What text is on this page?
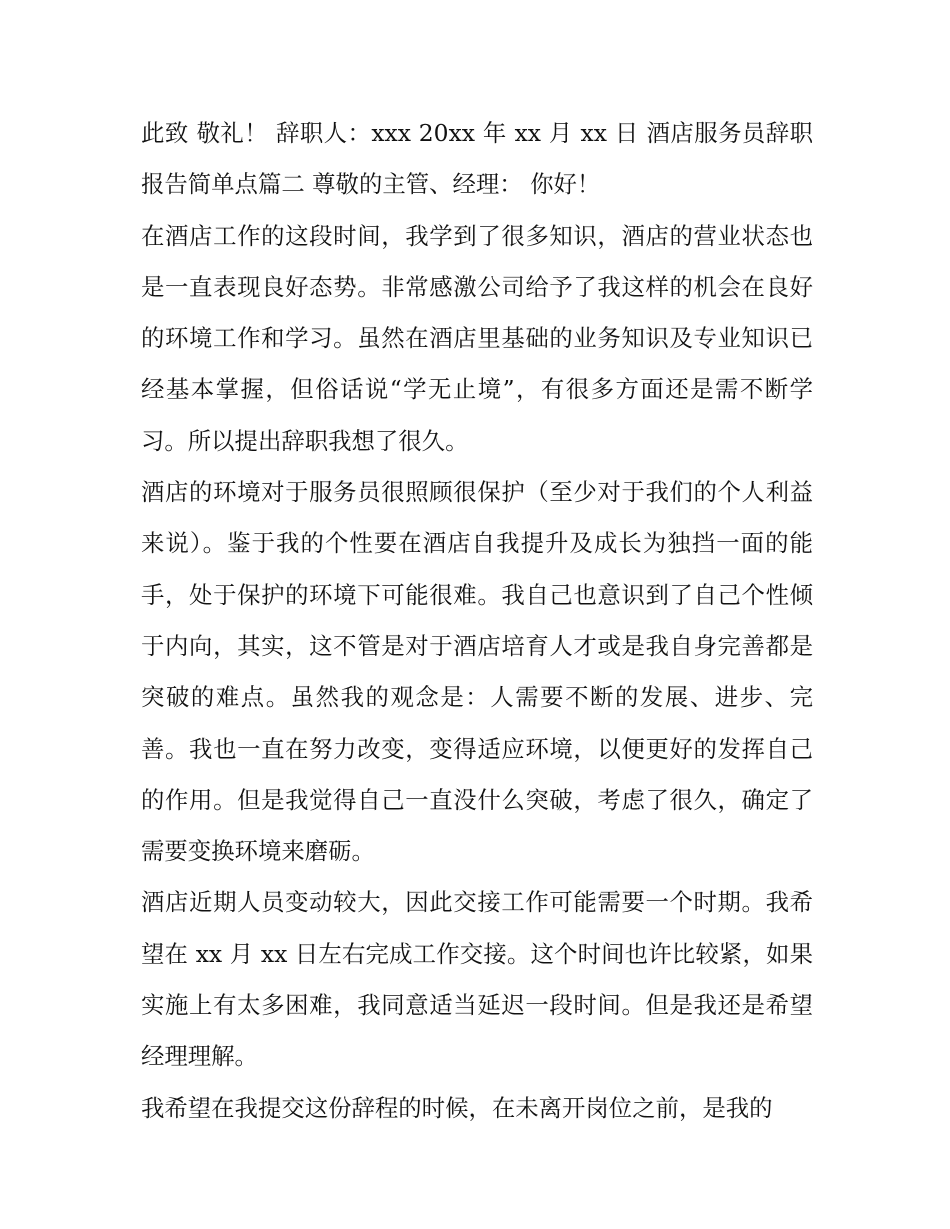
此致 敬礼！ 辞职人：xxx 20xx 年 xx 月 xx 日 酒店服务员辞职报告简单点篇二 尊敬的主管、经理： 你好！

在酒店工作的这段时间，我学到了很多知识，酒店的营业状态也是一直表现良好态势。非常感激公司给予了我这样的机会在良好的环境工作和学习。虽然在酒店里基础的业务知识及专业知识已经基本掌握，但俗话说“学无止境”，有很多方面还是需不断学习。所以提出辞职我想了很久。

酒店的环境对于服务员很照顾很保护（至少对于我们的个人利益来说）。鉴于我的个性要在酒店自我提升及成长为独挡一面的能手，处于保护的环境下可能很难。我自己也意识到了自己个性倾于内向，其实，这不管是对于酒店培育人才或是我自身完善都是突破的难点。虽然我的观念是：人需要不断的发展、进步、完善。我也一直在努力改变，变得适应环境，以便更好的发挥自己的作用。但是我觉得自己一直没什么突破，考虑了很久，确定了需要变换环境来磨砺。

酒店近期人员变动较大，因此交接工作可能需要一个时期。我希望在 xx 月 xx 日左右完成工作交接。这个时间也许比较紧，如果实施上有太多困难，我同意适当延迟一段时间。但是我还是希望经理理解。

我希望在我提交这份辞程的时候，在未离开岗位之前，是我的
